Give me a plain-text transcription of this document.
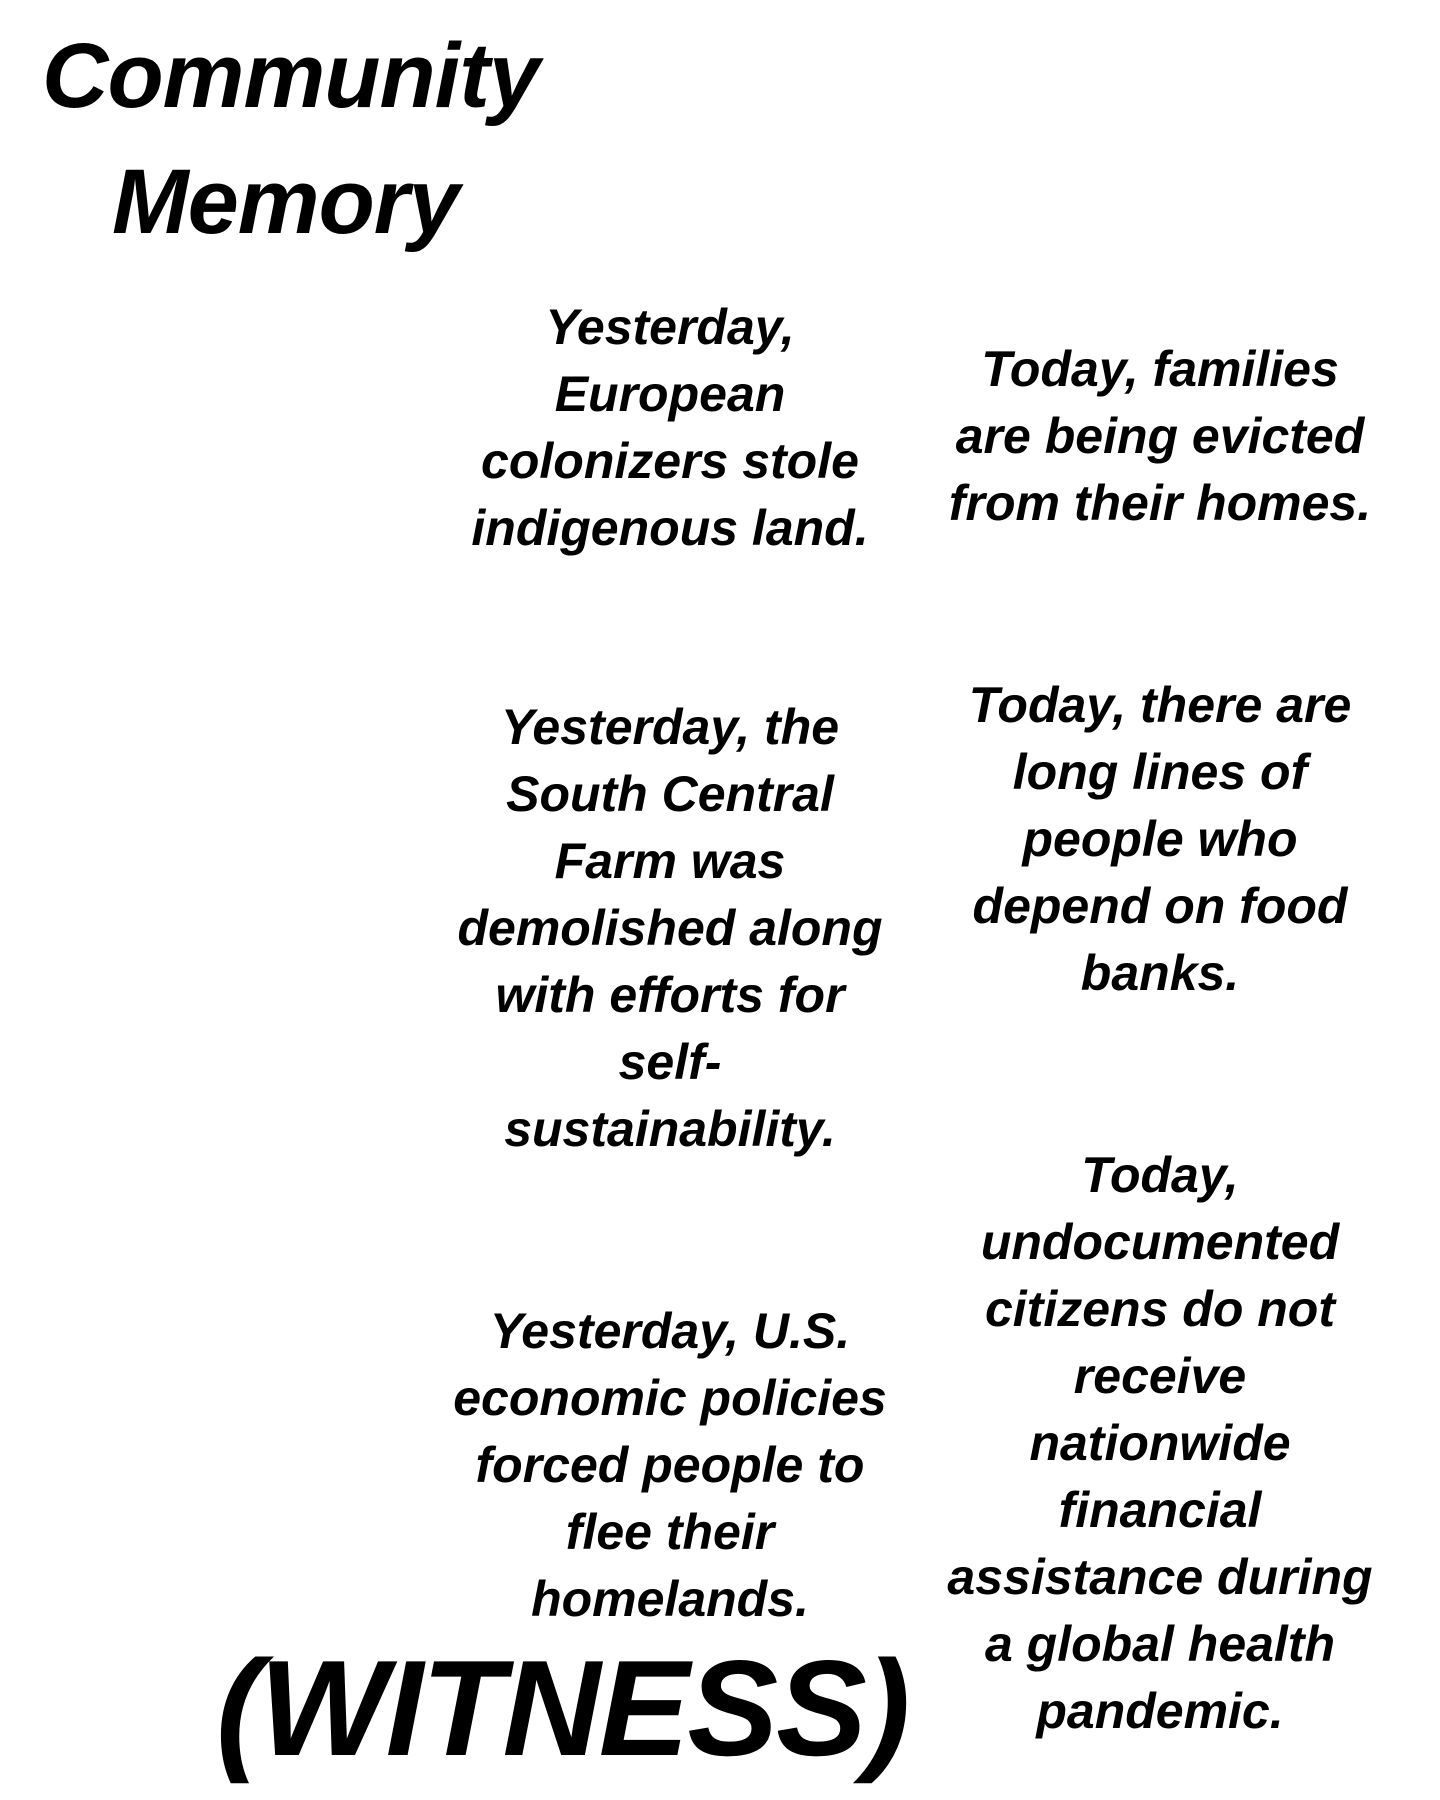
Community
Memory

Yesterday,
European
colonizers stole
indigenous land.

Today, families
are being evicted
from their homes.

Yesterday, the
South Central
Farm was
demolished along
with efforts for
self-
sustainability.

Today, there are
long lines of
people who
depend on food
banks.

Yesterday, U.S.
economic policies
forced people to
flee their
homelands.

Today,
undocumented
citizens do not
receive
nationwide
financial
assistance during
a global health
pandemic.

(WITNESS)
